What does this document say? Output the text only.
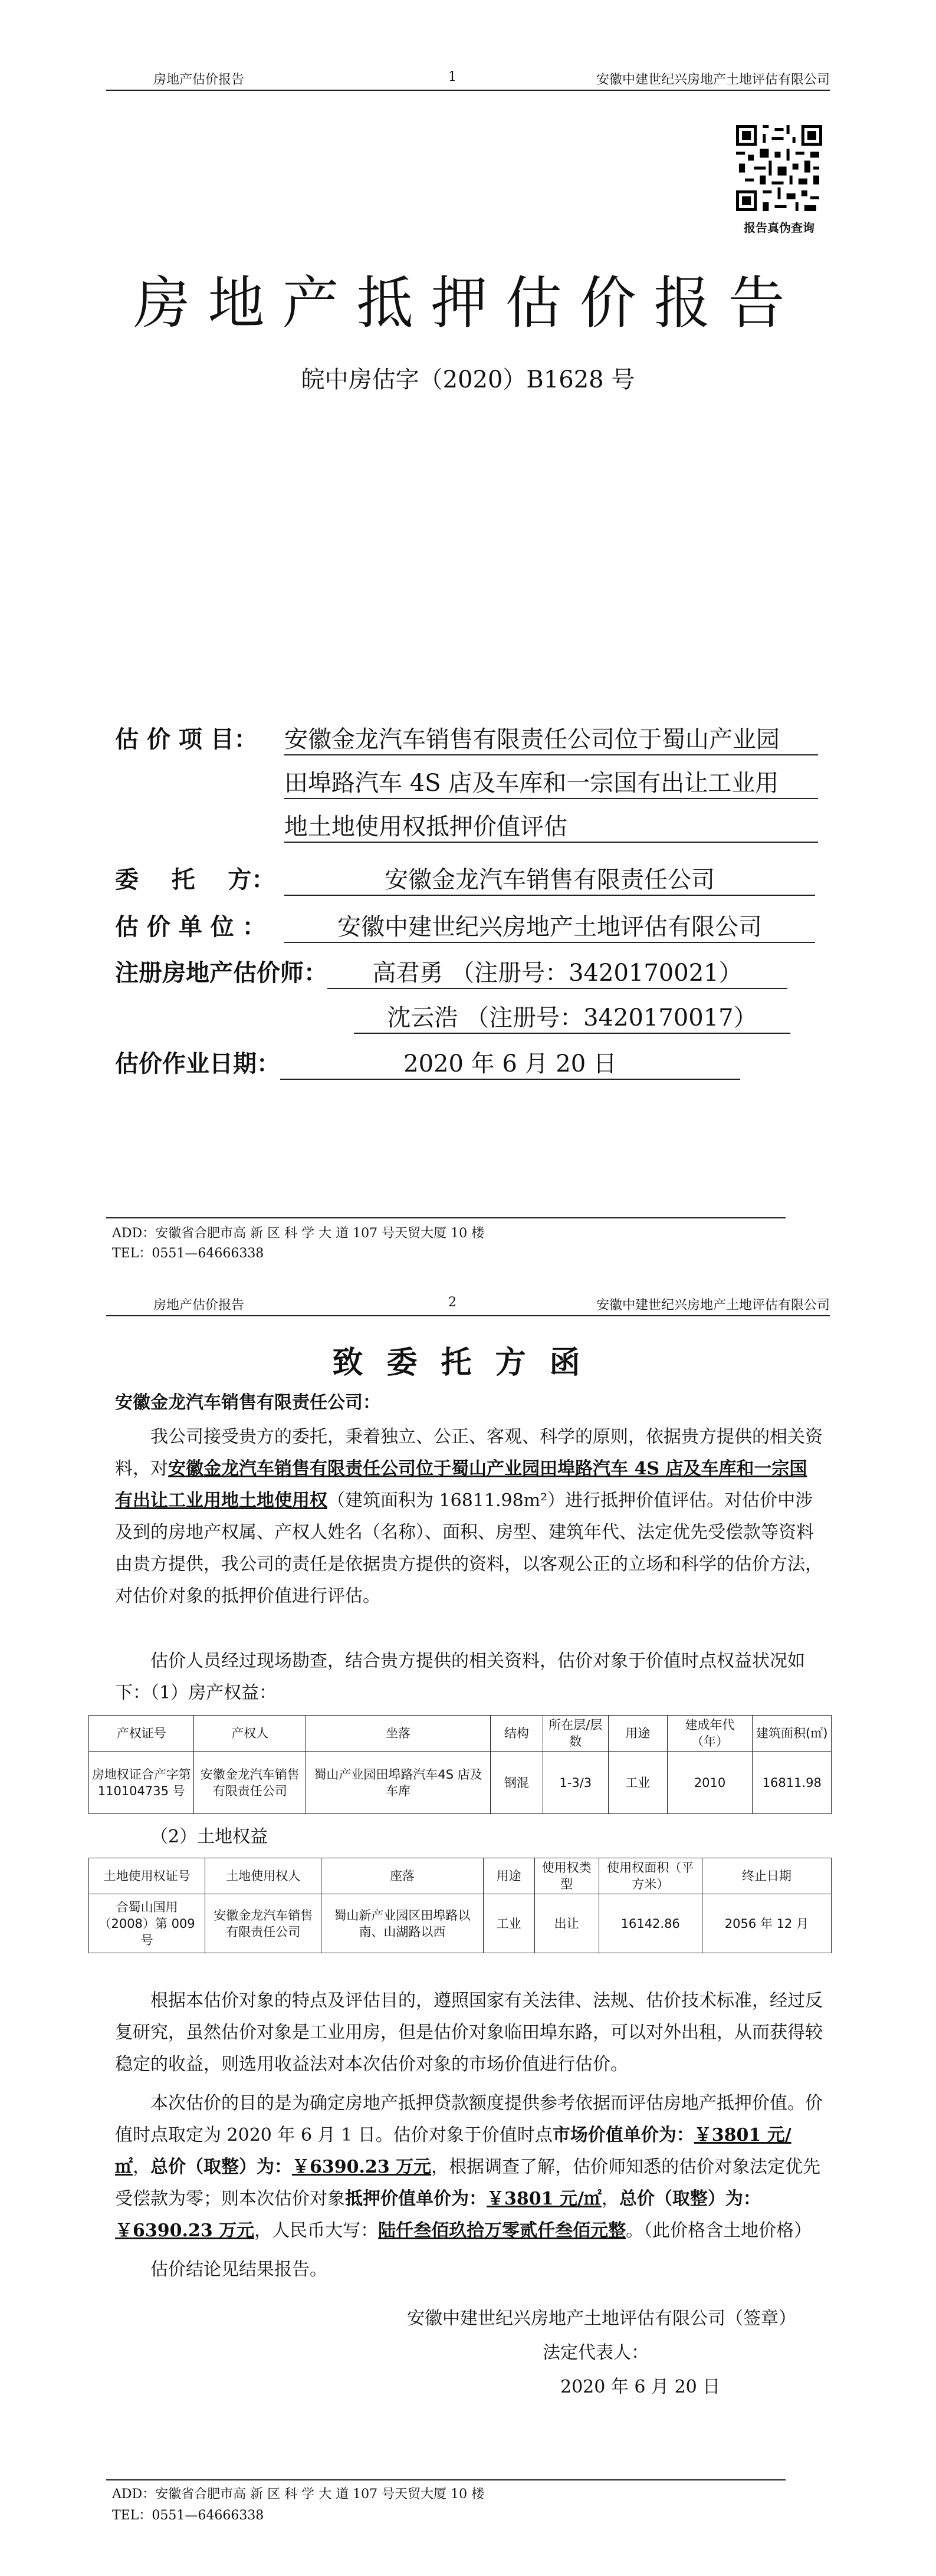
房地产估价报告	1	安徽中建世纪兴房地产土地评估有限公司
报告真伪查询
房地产抵押估价报告
皖中房估字（2020）B1628 号
估 价 项 目： 安徽金龙汽车销售有限责任公司位于蜀山产业园
田埠路汽车 4S 店及车库和一宗国有出让工业用
地土地使用权抵押价值评估
委    托    方：	安徽金龙汽车销售有限责任公司
估 价 单 位 ：	安徽中建世纪兴房地产土地评估有限公司
注册房地产估价师：	高君勇 （注册号：3420170021）
沈云浩 （注册号：3420170017）
估价作业日期：	2020 年 6 月 20 日
ADD：安徽省合肥市高 新 区 科 学 大 道 107 号天贸大厦 10 楼
TEL：0551—64666338
房地产估价报告	2	安徽中建世纪兴房地产土地评估有限公司
致委托方函
安徽金龙汽车销售有限责任公司：
我公司接受贵方的委托，秉着独立、公正、客观、科学的原则，依据贵方提供的相关资料，对安徽金龙汽车销售有限责任公司位于蜀山产业园田埠路汽车 4S 店及车库和一宗国有出让工业用地土地使用权（建筑面积为 16811.98m²）进行抵押价值评估。对估价中涉及到的房地产权属、产权人姓名（名称）、面积、房型、建筑年代、法定优先受偿款等资料由贵方提供，我公司的责任是依据贵方提供的资料，以客观公正的立场和科学的估价方法，对估价对象的抵押价值进行评估。
估价人员经过现场勘查，结合贵方提供的相关资料，估价对象于价值时点权益状况如下：（1）房产权益：
产权证号	产权人	坐落	结构	所在层/层数	用途	建成年代（年）	建筑面积(㎡)
房地权证合产字第 110104735 号	安徽金龙汽车销售有限责任公司	蜀山产业园田埠路汽车4S 店及车库	钢混	1-3/3	工业	2010	16811.98
（2）土地权益
土地使用权证号	土地使用权人	座落	用途	使用权类型	使用权面积（平方米）	终止日期
合蜀山国用（2008）第 009 号	安徽金龙汽车销售有限责任公司	蜀山新产业园区田埠路以南、山湖路以西	工业	出让	16142.86	2056 年 12 月
根据本估价对象的特点及评估目的，遵照国家有关法律、法规、估价技术标准，经过反复研究，虽然估价对象是工业用房，但是估价对象临田埠东路，可以对外出租，从而获得较稳定的收益，则选用收益法对本次估价对象的市场价值进行估价。
本次估价的目的是为确定房地产抵押贷款额度提供参考依据而评估房地产抵押价值。价值时点取定为 2020 年 6 月 1 日。估价对象于价值时点市场价值单价为：￥3801 元/㎡，总价（取整）为：￥6390.23 万元，根据调查了解，估价师知悉的估价对象法定优先受偿款为零；则本次估价对象抵押价值单价为：￥3801 元/㎡，总价（取整）为：￥6390.23 万元，人民币大写：陆仟叁佰玖拾万零贰仟叁佰元整。（此价格含土地价格）
估价结论见结果报告。
安徽中建世纪兴房地产土地评估有限公司（签章）
法定代表人：
2020 年 6 月 20 日
ADD：安徽省合肥市高 新 区 科 学 大 道 107 号天贸大厦 10 楼
TEL：0551—64666338
